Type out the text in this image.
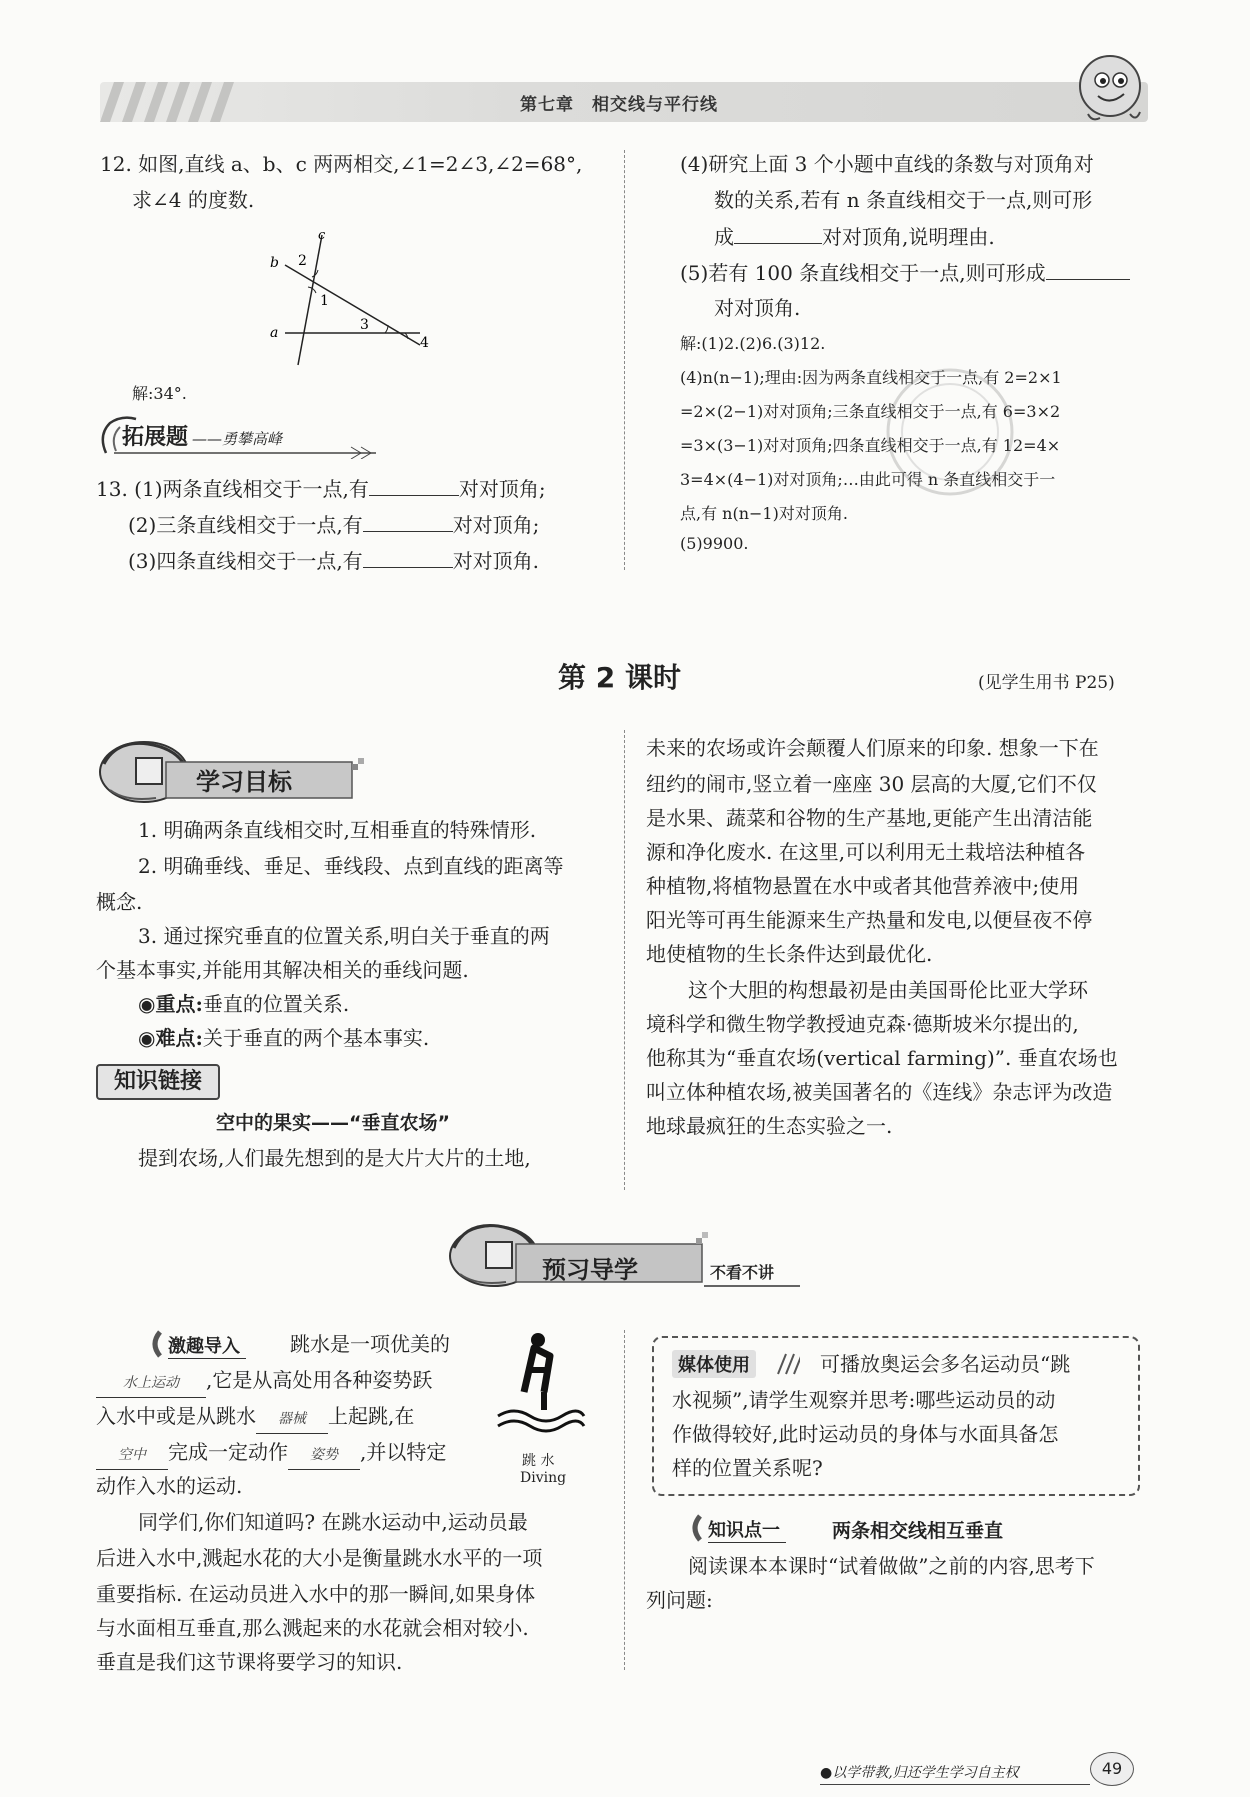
第七章　相交线与平行线
12. 如图,直线 a、b、c 两两相交,∠1=2∠3,∠2=68°,
求∠4 的度数.
c
b
a
1
2
3
4
解:34°.
拓展题 ——勇攀高峰
13. (1)两条直线相交于一点,有	对对顶角;
(2)三条直线相交于一点,有	对对顶角;
(3)四条直线相交于一点,有	对对顶角.
(4)研究上面 3 个小题中直线的条数与对顶角对
数的关系,若有 n 条直线相交于一点,则可形
成	对对顶角,说明理由.
(5)若有 100 条直线相交于一点,则可形成
对对顶角.
解:(1)2.(2)6.(3)12.
(4)n(n−1);理由:因为两条直线相交于一点,有 2=2×1
=2×(2−1)对对顶角;三条直线相交于一点,有 6=3×2
=3×(3−1)对对顶角;四条直线相交于一点,有 12=4×
3=4×(4−1)对对顶角;…由此可得 n 条直线相交于一
点,有 n(n−1)对对顶角.
(5)9900.
第 2 课时	(见学生用书 P25)
学习目标
1. 明确两条直线相交时,互相垂直的特殊情形.
2. 明确垂线、垂足、垂线段、点到直线的距离等
概念.
3. 通过探究垂直的位置关系,明白关于垂直的两
个基本事实,并能用其解决相关的垂线问题.
◉重点:垂直的位置关系.
◉难点:关于垂直的两个基本事实.
知识链接
空中的果实——“垂直农场”
提到农场,人们最先想到的是大片大片的土地,
未来的农场或许会颠覆人们原来的印象. 想象一下在
纽约的闹市,竖立着一座座 30 层高的大厦,它们不仅
是水果、蔬菜和谷物的生产基地,更能产生出清洁能
源和净化废水. 在这里,可以利用无土栽培法种植各
种植物,将植物悬置在水中或者其他营养液中;使用
阳光等可再生能源来生产热量和发电,以便昼夜不停
地使植物的生长条件达到最优化.
这个大胆的构想最初是由美国哥伦比亚大学环
境科学和微生物学教授迪克森·德斯坡米尔提出的,
他称其为“垂直农场(vertical farming)”. 垂直农场也
叫立体种植农场,被美国著名的《连线》杂志评为改造
地球最疯狂的生态实验之一.
预习导学	不看不讲
激趣导入	跳水是一项优美的
水上运动 ,它是从高处用各种姿势跃
入水中或是从跳水 器械 上起跳,在
空中 完成一定动作 姿势 ,并以特定
动作入水的运动.
跳 水
Diving
同学们,你们知道吗? 在跳水运动中,运动员最
后进入水中,溅起水花的大小是衡量跳水水平的一项
重要指标. 在运动员进入水中的那一瞬间,如果身体
与水面相互垂直,那么溅起来的水花就会相对较小.
垂直是我们这节课将要学习的知识.
媒体使用	可播放奥运会多名运动员“跳
水视频”,请学生观察并思考:哪些运动员的动
作做得较好,此时运动员的身体与水面具备怎
样的位置关系呢?
知识点一	两条相交线相互垂直
阅读课本本课时“试着做做”之前的内容,思考下
列问题:
●以学带教,归还学生学习自主权	49
